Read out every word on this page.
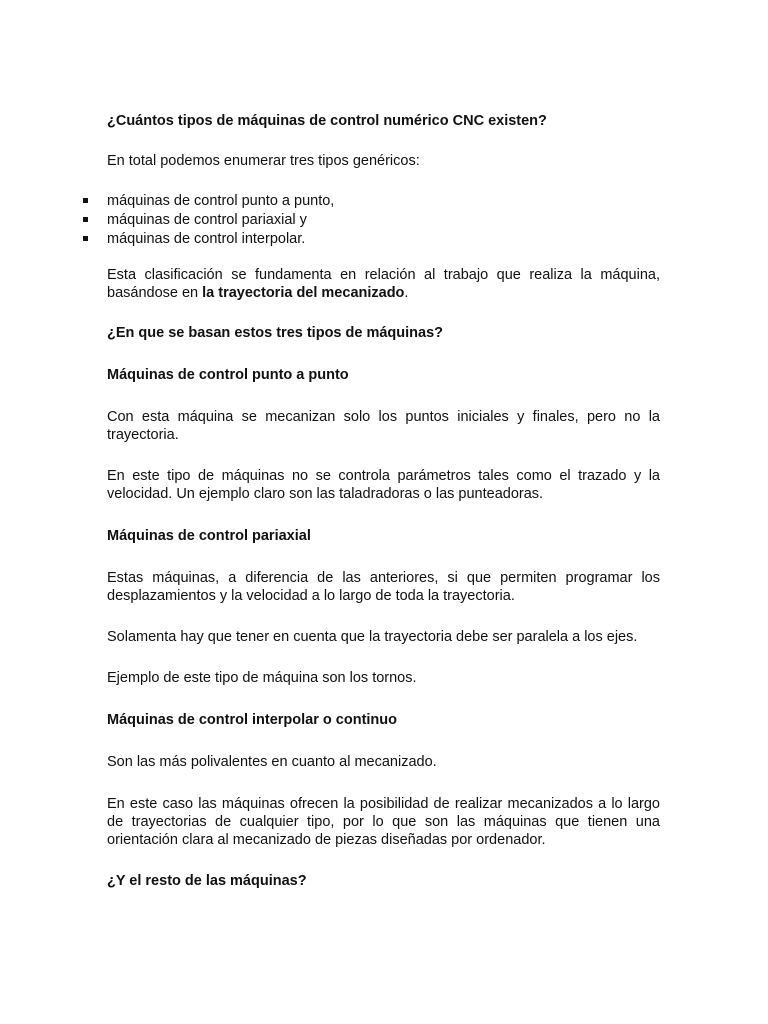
¿Cuántos tipos de máquinas de control numérico CNC existen?

En total podemos enumerar tres tipos genéricos:

máquinas de control punto a punto,
máquinas de control pariaxial y
máquinas de control interpolar.

Esta clasificación se fundamenta en relación al trabajo que realiza la máquina, basándose en la trayectoria del mecanizado.

¿En que se basan estos tres tipos de máquinas?

Máquinas de control punto a punto

Con esta máquina se mecanizan solo los puntos iniciales y finales, pero no la trayectoria.

En este tipo de máquinas no se controla parámetros tales como el trazado y la velocidad. Un ejemplo claro son las taladradoras o las punteadoras.

Máquinas de control pariaxial

Estas máquinas, a diferencia de las anteriores, si que permiten programar los desplazamientos y la velocidad a lo largo de toda la trayectoria.

Solamenta hay que tener en cuenta que la trayectoria debe ser paralela a los ejes.

Ejemplo de este tipo de máquina son los tornos.

Máquinas de control interpolar o continuo

Son las más polivalentes en cuanto al mecanizado.

En este caso las máquinas ofrecen la posibilidad de realizar mecanizados a lo largo de trayectorias de cualquier tipo, por lo que son las máquinas que tienen una orientación clara al mecanizado de piezas diseñadas por ordenador.

¿Y el resto de las máquinas?
